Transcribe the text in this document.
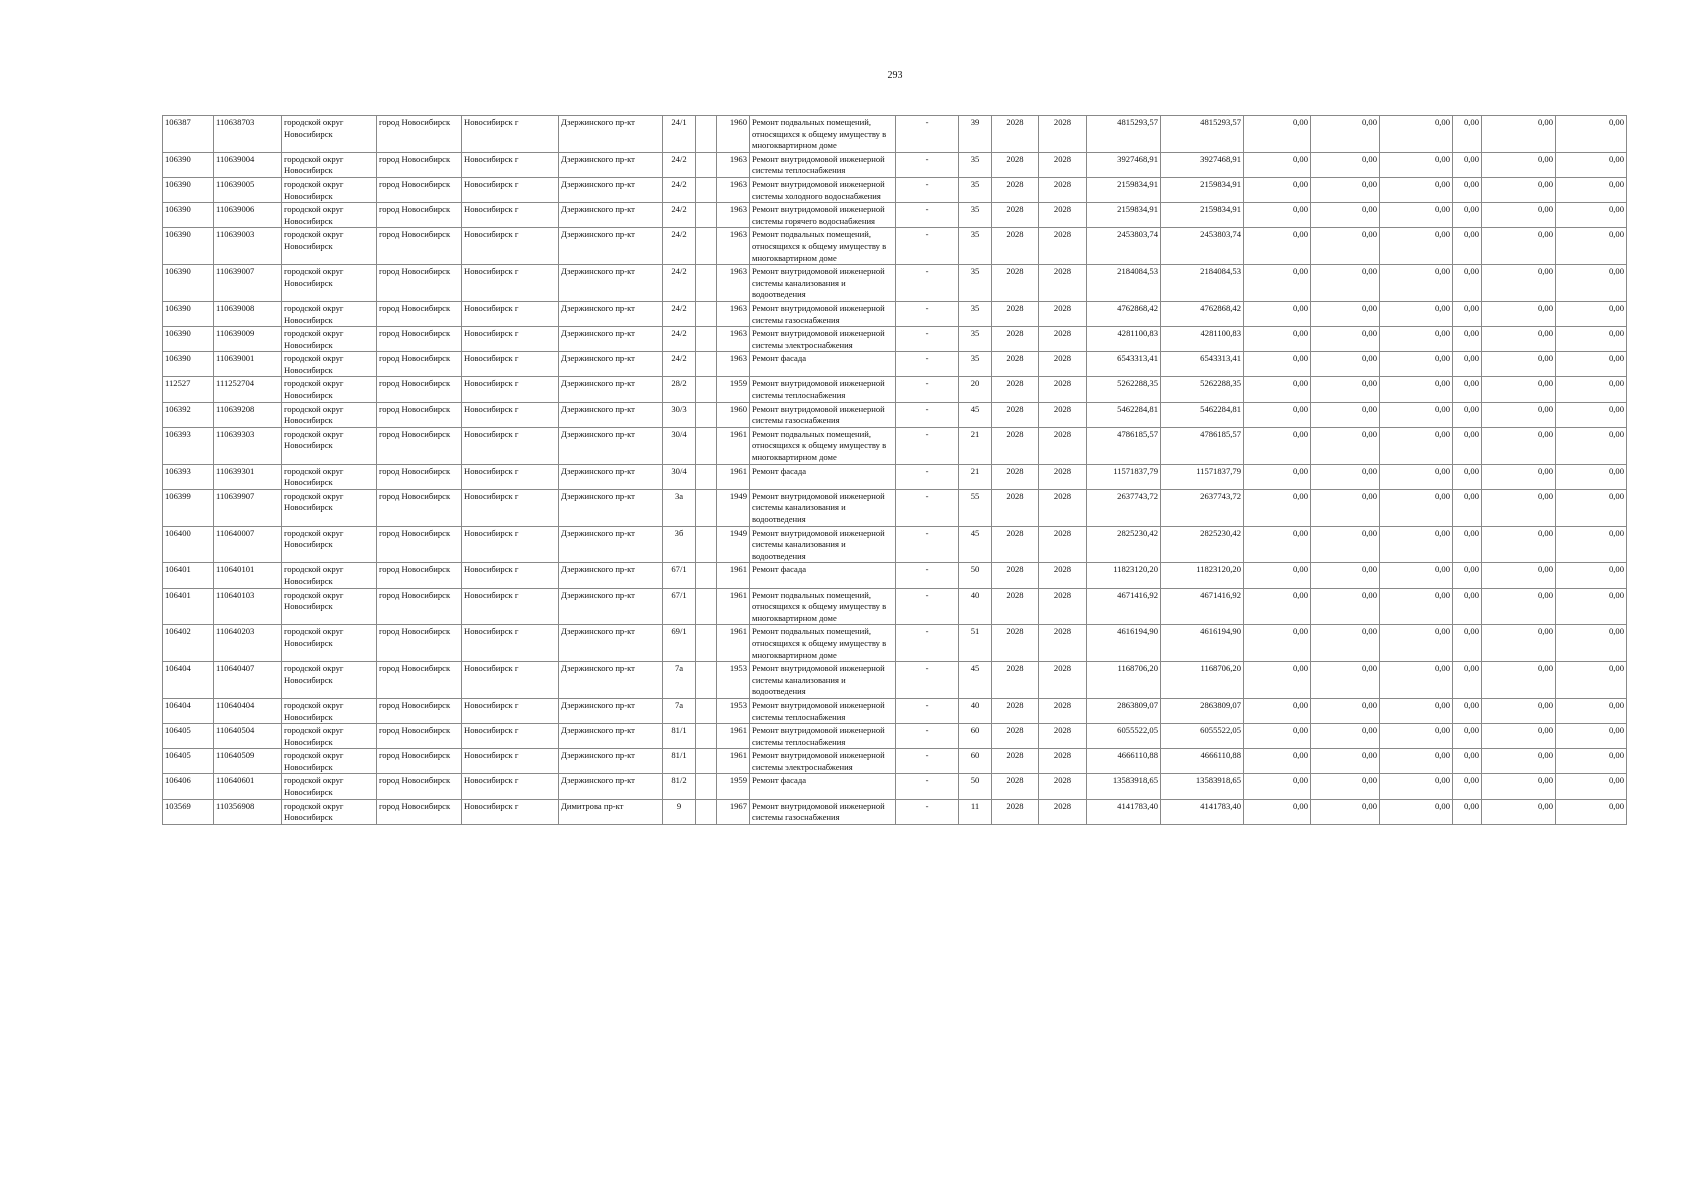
293
106387	110638703	городской округ Новосибирск	город Новосибирск	Новосибирск г	Дзержинского пр-кт	24/1		1960	Ремонт подвальных помещений, относящихся к общему имуществу в многоквартирном доме	-	39	2028	2028	4815293,57	4815293,57	0,00	0,00	0,00	0,00	0,00	0,00
106390	110639004	городской округ Новосибирск	город Новосибирск	Новосибирск г	Дзержинского пр-кт	24/2		1963	Ремонт внутридомовой инженерной системы теплоснабжения	-	35	2028	2028	3927468,91	3927468,91	0,00	0,00	0,00	0,00	0,00	0,00
106390	110639005	городской округ Новосибирск	город Новосибирск	Новосибирск г	Дзержинского пр-кт	24/2		1963	Ремонт внутридомовой инженерной системы холодного водоснабжения	-	35	2028	2028	2159834,91	2159834,91	0,00	0,00	0,00	0,00	0,00	0,00
106390	110639006	городской округ Новосибирск	город Новосибирск	Новосибирск г	Дзержинского пр-кт	24/2		1963	Ремонт внутридомовой инженерной системы горячего водоснабжения	-	35	2028	2028	2159834,91	2159834,91	0,00	0,00	0,00	0,00	0,00	0,00
106390	110639003	городской округ Новосибирск	город Новосибирск	Новосибирск г	Дзержинского пр-кт	24/2		1963	Ремонт подвальных помещений, относящихся к общему имуществу в многоквартирном доме	-	35	2028	2028	2453803,74	2453803,74	0,00	0,00	0,00	0,00	0,00	0,00
106390	110639007	городской округ Новосибирск	город Новосибирск	Новосибирск г	Дзержинского пр-кт	24/2		1963	Ремонт внутридомовой инженерной системы канализования и водоотведения	-	35	2028	2028	2184084,53	2184084,53	0,00	0,00	0,00	0,00	0,00	0,00
106390	110639008	городской округ Новосибирск	город Новосибирск	Новосибирск г	Дзержинского пр-кт	24/2		1963	Ремонт внутридомовой инженерной системы газоснабжения	-	35	2028	2028	4762868,42	4762868,42	0,00	0,00	0,00	0,00	0,00	0,00
106390	110639009	городской округ Новосибирск	город Новосибирск	Новосибирск г	Дзержинского пр-кт	24/2		1963	Ремонт внутридомовой инженерной системы электроснабжения	-	35	2028	2028	4281100,83	4281100,83	0,00	0,00	0,00	0,00	0,00	0,00
106390	110639001	городской округ Новосибирск	город Новосибирск	Новосибирск г	Дзержинского пр-кт	24/2		1963	Ремонт фасада	-	35	2028	2028	6543313,41	6543313,41	0,00	0,00	0,00	0,00	0,00	0,00
112527	111252704	городской округ Новосибирск	город Новосибирск	Новосибирск г	Дзержинского пр-кт	28/2		1959	Ремонт внутридомовой инженерной системы теплоснабжения	-	20	2028	2028	5262288,35	5262288,35	0,00	0,00	0,00	0,00	0,00	0,00
106392	110639208	городской округ Новосибирск	город Новосибирск	Новосибирск г	Дзержинского пр-кт	30/3		1960	Ремонт внутридомовой инженерной системы газоснабжения	-	45	2028	2028	5462284,81	5462284,81	0,00	0,00	0,00	0,00	0,00	0,00
106393	110639303	городской округ Новосибирск	город Новосибирск	Новосибирск г	Дзержинского пр-кт	30/4		1961	Ремонт подвальных помещений, относящихся к общему имуществу в многоквартирном доме	-	21	2028	2028	4786185,57	4786185,57	0,00	0,00	0,00	0,00	0,00	0,00
106393	110639301	городской округ Новосибирск	город Новосибирск	Новосибирск г	Дзержинского пр-кт	30/4		1961	Ремонт фасада	-	21	2028	2028	11571837,79	11571837,79	0,00	0,00	0,00	0,00	0,00	0,00
106399	110639907	городской округ Новосибирск	город Новосибирск	Новосибирск г	Дзержинского пр-кт	3а		1949	Ремонт внутридомовой инженерной системы канализования и водоотведения	-	55	2028	2028	2637743,72	2637743,72	0,00	0,00	0,00	0,00	0,00	0,00
106400	110640007	городской округ Новосибирск	город Новосибирск	Новосибирск г	Дзержинского пр-кт	3б		1949	Ремонт внутридомовой инженерной системы канализования и водоотведения	-	45	2028	2028	2825230,42	2825230,42	0,00	0,00	0,00	0,00	0,00	0,00
106401	110640101	городской округ Новосибирск	город Новосибирск	Новосибирск г	Дзержинского пр-кт	67/1		1961	Ремонт фасада	-	50	2028	2028	11823120,20	11823120,20	0,00	0,00	0,00	0,00	0,00	0,00
106401	110640103	городской округ Новосибирск	город Новосибирск	Новосибирск г	Дзержинского пр-кт	67/1		1961	Ремонт подвальных помещений, относящихся к общему имуществу в многоквартирном доме	-	40	2028	2028	4671416,92	4671416,92	0,00	0,00	0,00	0,00	0,00	0,00
106402	110640203	городской округ Новосибирск	город Новосибирск	Новосибирск г	Дзержинского пр-кт	69/1		1961	Ремонт подвальных помещений, относящихся к общему имуществу в многоквартирном доме	-	51	2028	2028	4616194,90	4616194,90	0,00	0,00	0,00	0,00	0,00	0,00
106404	110640407	городской округ Новосибирск	город Новосибирск	Новосибирск г	Дзержинского пр-кт	7а		1953	Ремонт внутридомовой инженерной системы канализования и водоотведения	-	45	2028	2028	1168706,20	1168706,20	0,00	0,00	0,00	0,00	0,00	0,00
106404	110640404	городской округ Новосибирск	город Новосибирск	Новосибирск г	Дзержинского пр-кт	7а		1953	Ремонт внутридомовой инженерной системы теплоснабжения	-	40	2028	2028	2863809,07	2863809,07	0,00	0,00	0,00	0,00	0,00	0,00
106405	110640504	городской округ Новосибирск	город Новосибирск	Новосибирск г	Дзержинского пр-кт	81/1		1961	Ремонт внутридомовой инженерной системы теплоснабжения	-	60	2028	2028	6055522,05	6055522,05	0,00	0,00	0,00	0,00	0,00	0,00
106405	110640509	городской округ Новосибирск	город Новосибирск	Новосибирск г	Дзержинского пр-кт	81/1		1961	Ремонт внутридомовой инженерной системы электроснабжения	-	60	2028	2028	4666110,88	4666110,88	0,00	0,00	0,00	0,00	0,00	0,00
106406	110640601	городской округ Новосибирск	город Новосибирск	Новосибирск г	Дзержинского пр-кт	81/2		1959	Ремонт фасада	-	50	2028	2028	13583918,65	13583918,65	0,00	0,00	0,00	0,00	0,00	0,00
103569	110356908	городской округ Новосибирск	город Новосибирск	Новосибирск г	Димитрова пр-кт	9		1967	Ремонт внутридомовой инженерной системы газоснабжения	-	11	2028	2028	4141783,40	4141783,40	0,00	0,00	0,00	0,00	0,00	0,00
